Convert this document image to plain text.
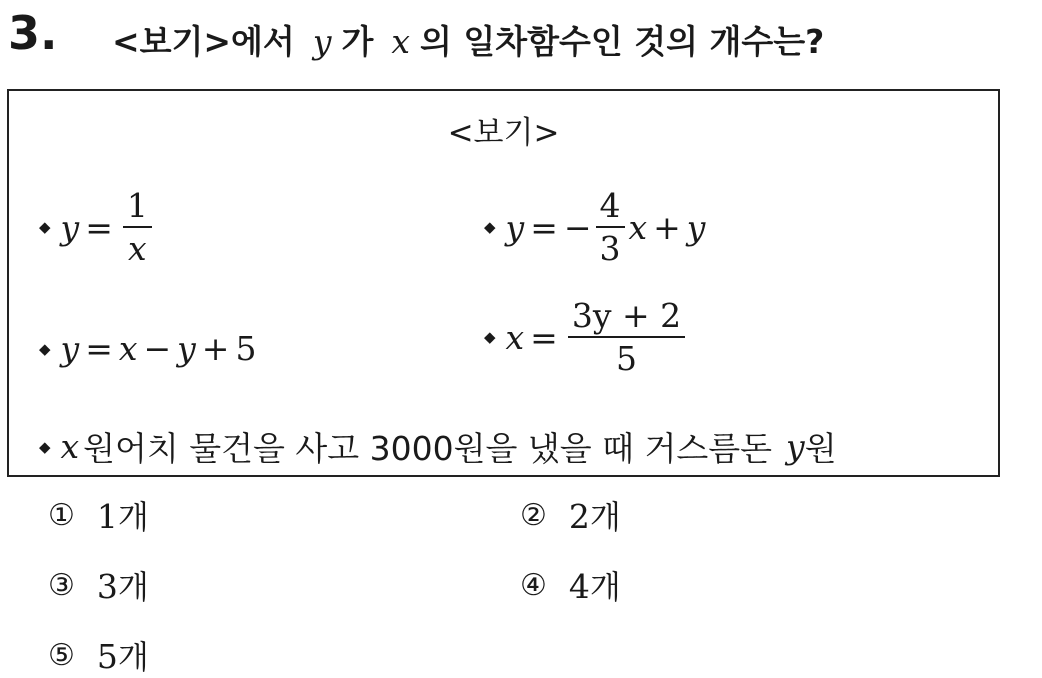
3. <보기>에서 y 가 x 의 일차함수인 것의 개수는?
<보기>
◆ $y = \frac{1}{x}$	◆ y = − $\frac{4}{3}$ x + y
◆ y = x − y + 5	◆ $x = \frac{3y + 2}{5}$
◆ x 원어치 물건을 사고 3000원을 냈을 때 거스름돈 y 원
① 1개	② 2개
③ 3개	④ 4개
⑤ 5개
